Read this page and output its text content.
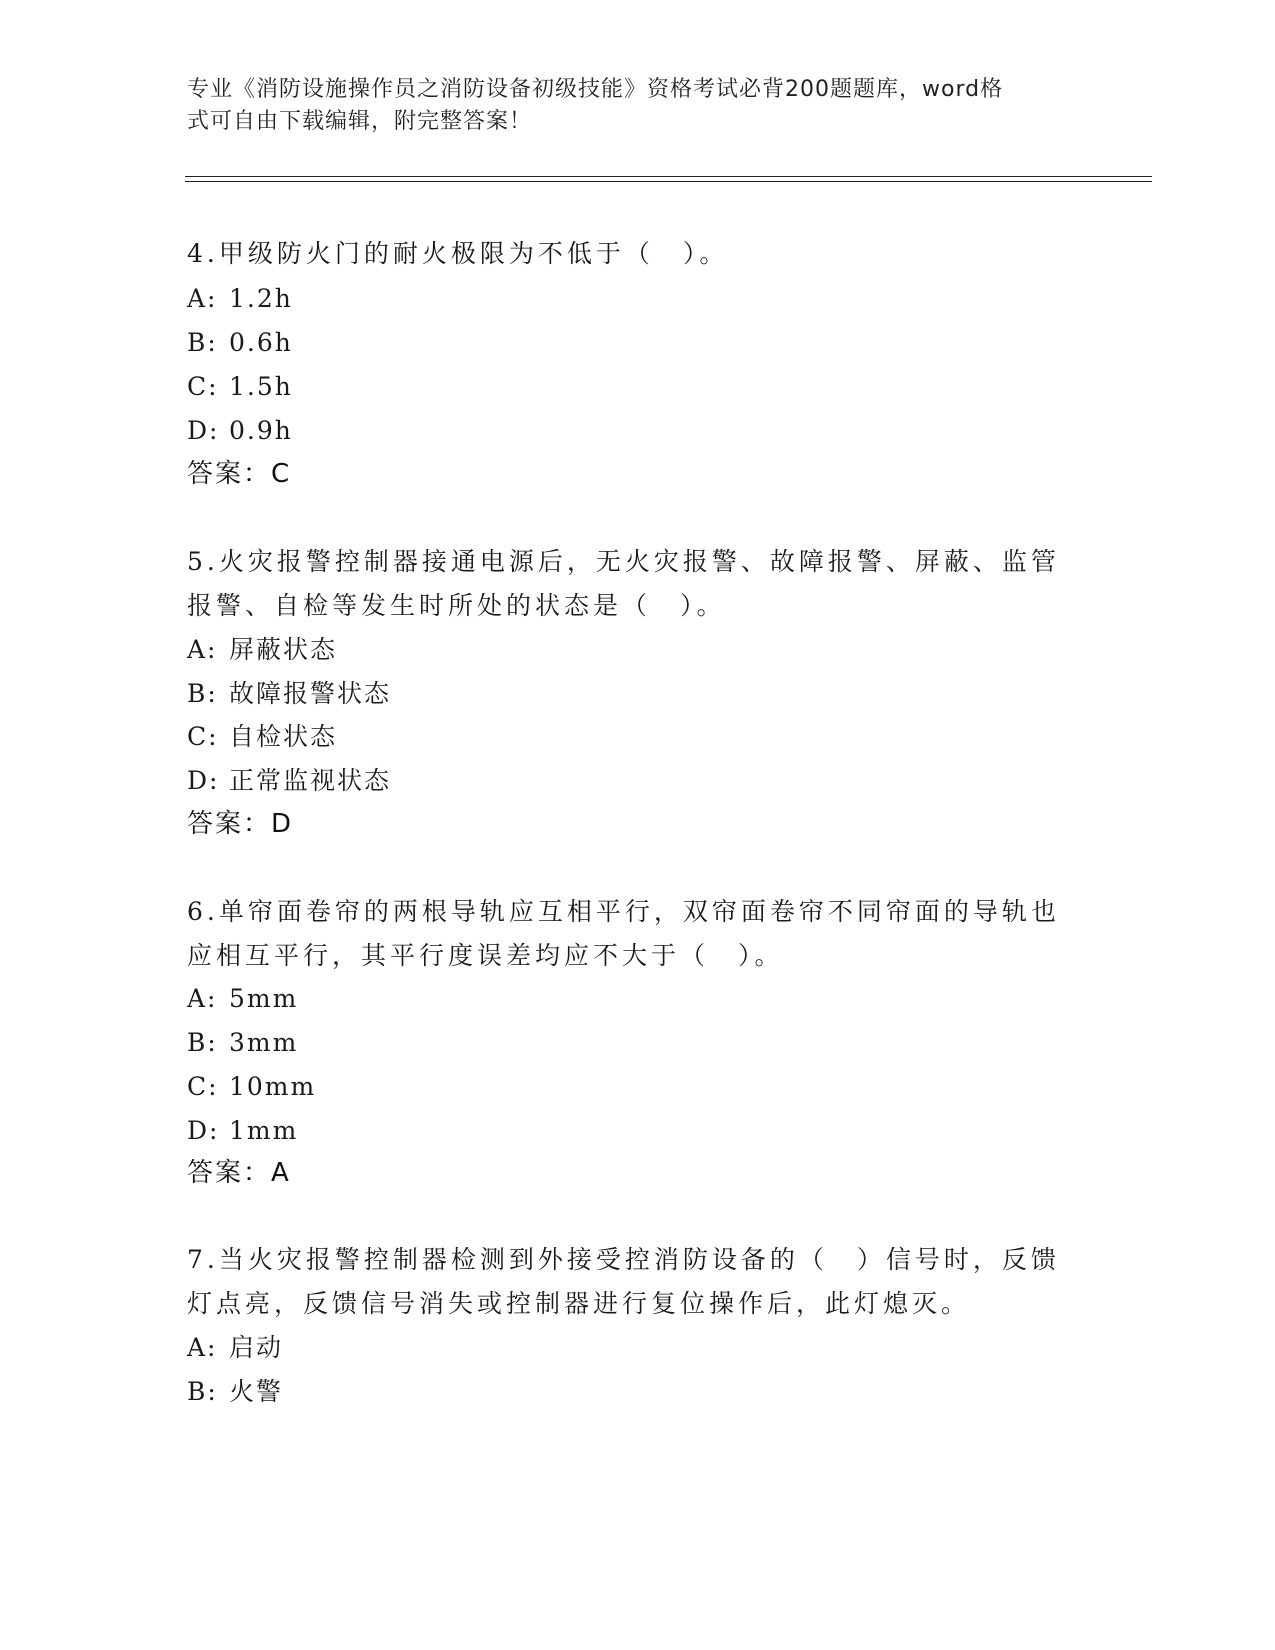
专业《消防设施操作员之消防设备初级技能》资格考试必背200题题库，word格
式可自由下载编辑，附完整答案！
4.甲级防火门的耐火极限为不低于（　）。
A: 1.2h
B: 0.6h
C: 1.5h
D: 0.9h
答案：C
5.火灾报警控制器接通电源后，无火灾报警、故障报警、屏蔽、监管
报警、自检等发生时所处的状态是（　）。
A: 屏蔽状态
B: 故障报警状态
C: 自检状态
D: 正常监视状态
答案：D
6.单帘面卷帘的两根导轨应互相平行，双帘面卷帘不同帘面的导轨也
应相互平行，其平行度误差均应不大于（　）。
A: 5mm
B: 3mm
C: 10mm
D: 1mm
答案：A
7.当火灾报警控制器检测到外接受控消防设备的（　）信号时，反馈
灯点亮，反馈信号消失或控制器进行复位操作后，此灯熄灭。
A: 启动
B: 火警
